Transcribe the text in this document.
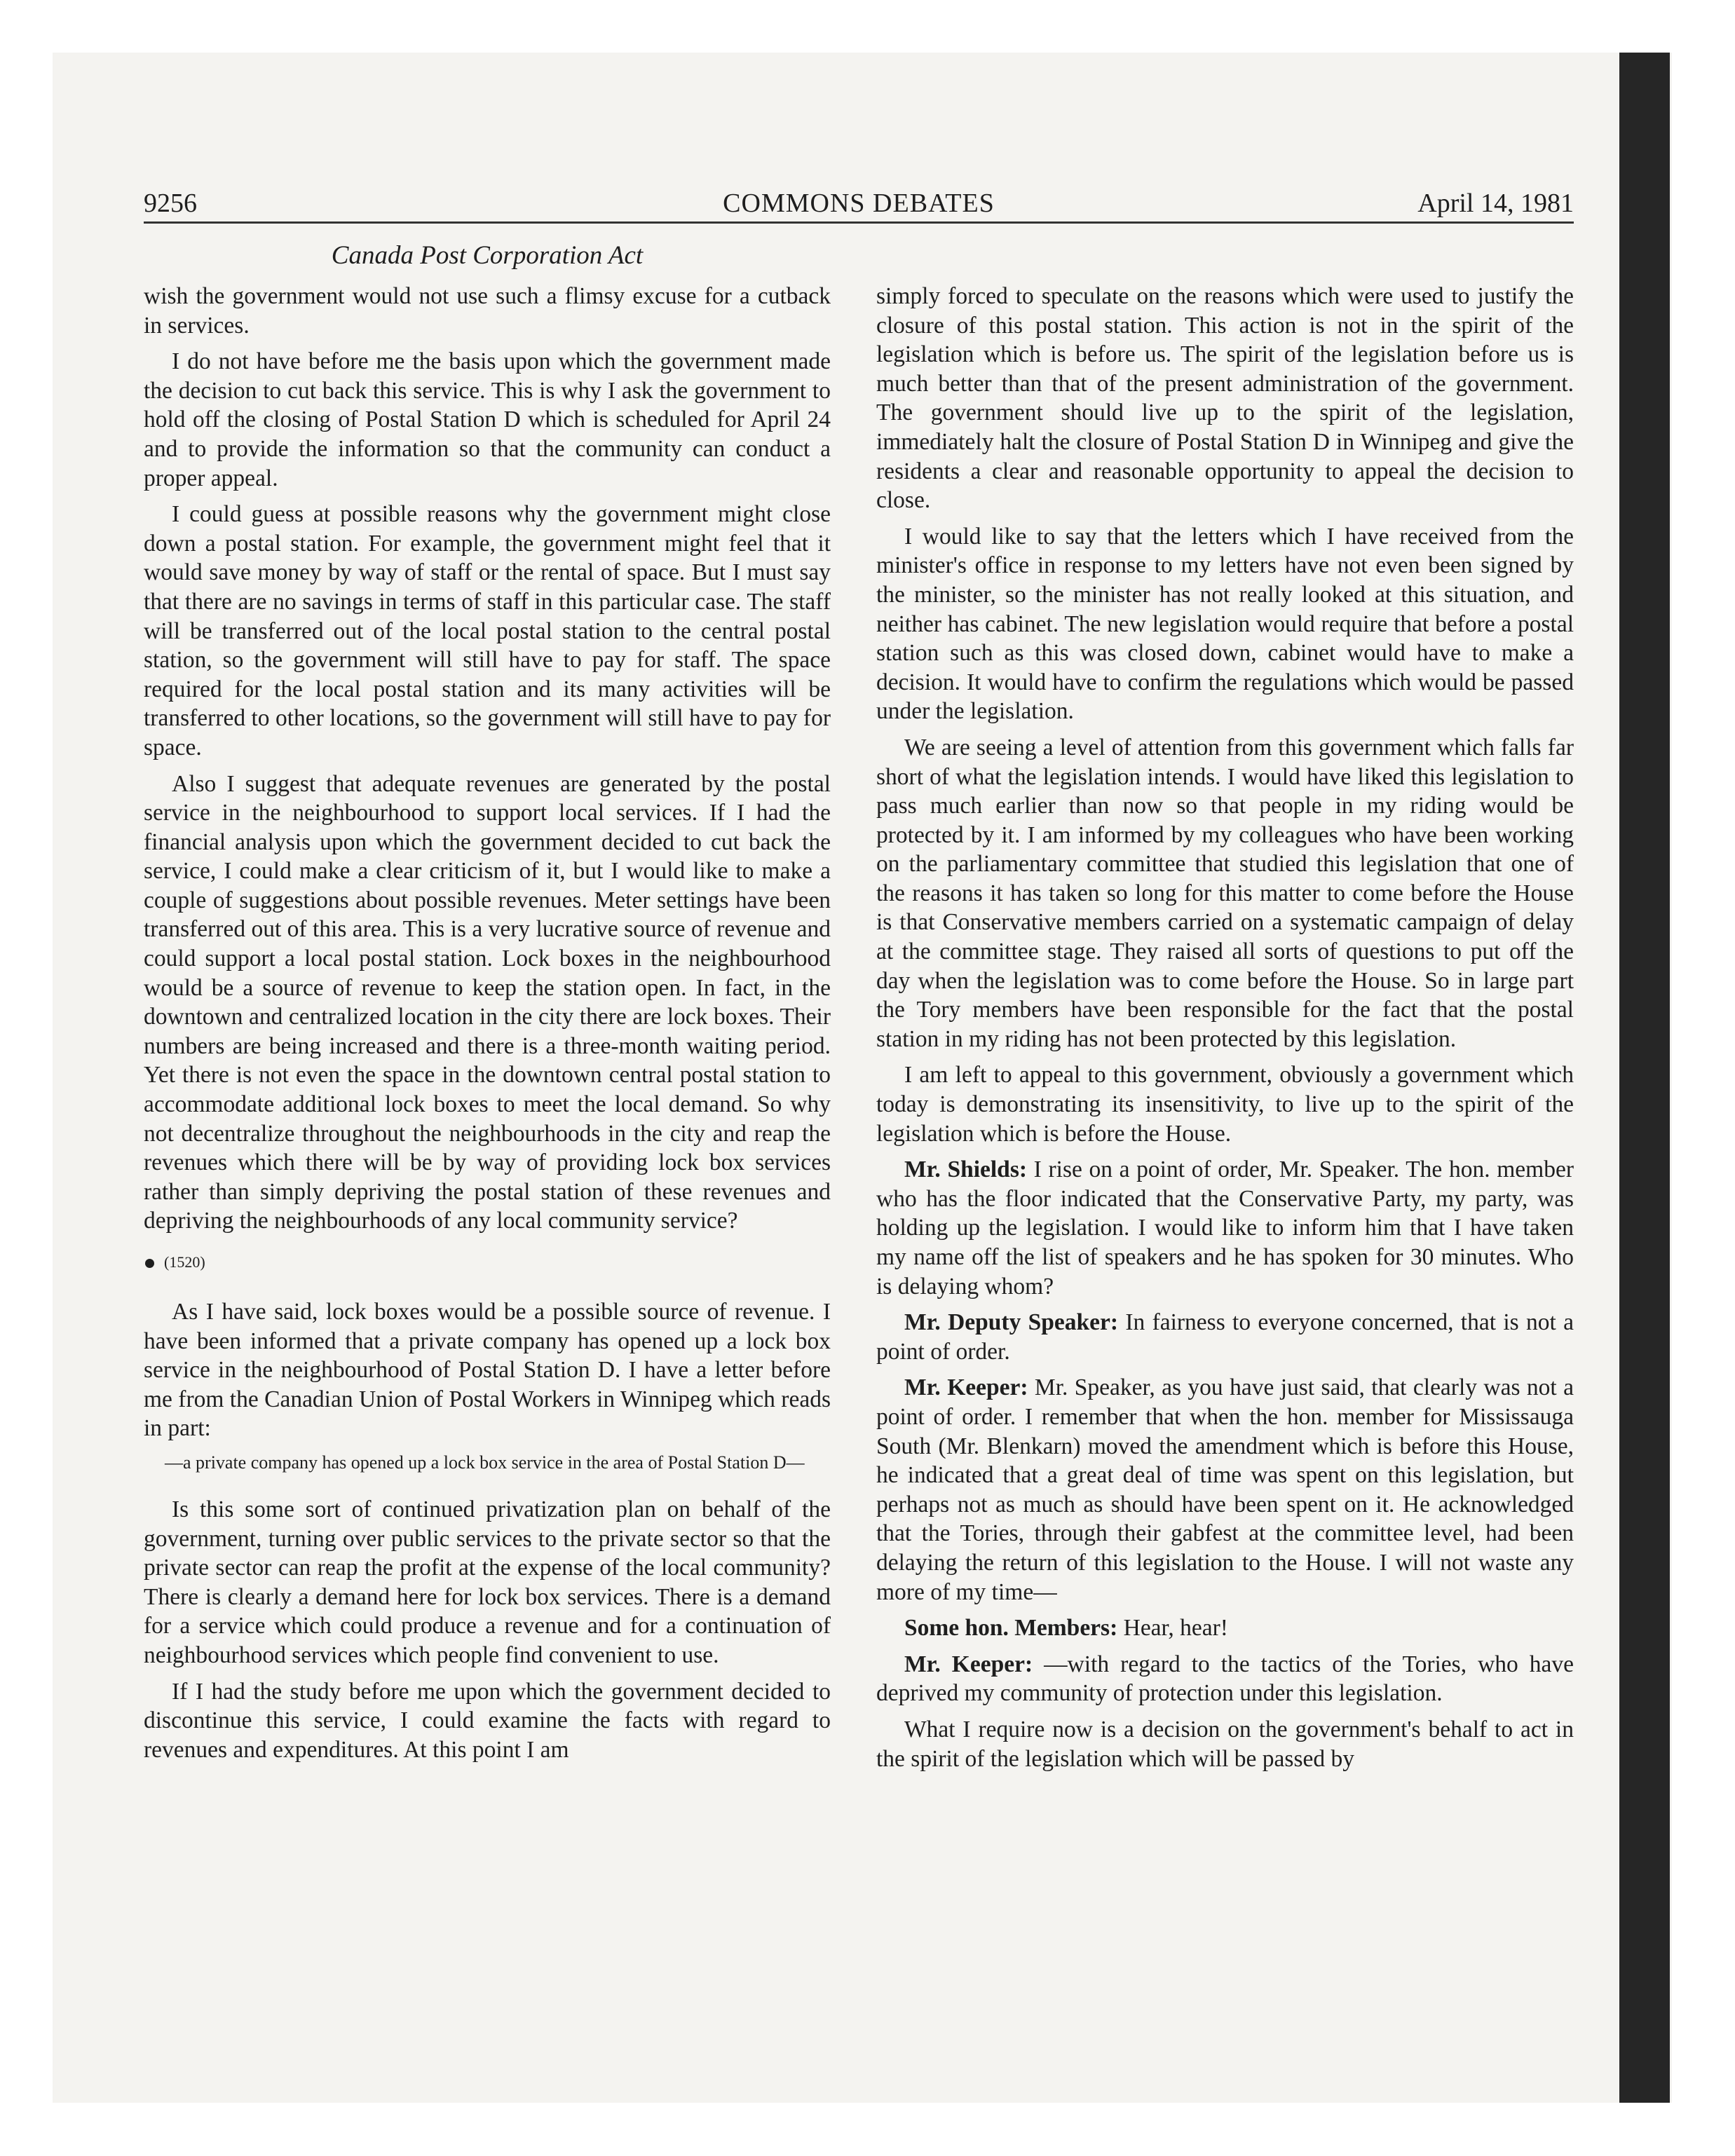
9256	COMMONS DEBATES	April 14, 1981
Canada Post Corporation Act

wish the government would not use such a flimsy excuse for a cutback in services.

I do not have before me the basis upon which the government made the decision to cut back this service. This is why I ask the government to hold off the closing of Postal Station D which is scheduled for April 24 and to provide the information so that the community can conduct a proper appeal.

I could guess at possible reasons why the government might close down a postal station. For example, the government might feel that it would save money by way of staff or the rental of space. But I must say that there are no savings in terms of staff in this particular case. The staff will be transferred out of the local postal station to the central postal station, so the government will still have to pay for staff. The space required for the local postal station and its many activities will be transferred to other locations, so the government will still have to pay for space.

Also I suggest that adequate revenues are generated by the postal service in the neighbourhood to support local services. If I had the financial analysis upon which the government decided to cut back the service, I could make a clear criticism of it, but I would like to make a couple of suggestions about possible revenues. Meter settings have been transferred out of this area. This is a very lucrative source of revenue and could support a local postal station. Lock boxes in the neighbourhood would be a source of revenue to keep the station open. In fact, in the downtown and centralized location in the city there are lock boxes. Their numbers are being increased and there is a three-month waiting period. Yet there is not even the space in the downtown central postal station to accommodate additional lock boxes to meet the local demand. So why not decentralize throughout the neighbourhoods in the city and reap the revenues which there will be by way of providing lock box services rather than simply depriving the postal station of these revenues and depriving the neighbourhoods of any local community service?

(1520)

As I have said, lock boxes would be a possible source of revenue. I have been informed that a private company has opened up a lock box service in the neighbourhood of Postal Station D. I have a letter before me from the Canadian Union of Postal Workers in Winnipeg which reads in part:

—a private company has opened up a lock box service in the area of Postal Station D—

Is this some sort of continued privatization plan on behalf of the government, turning over public services to the private sector so that the private sector can reap the profit at the expense of the local community? There is clearly a demand here for lock box services. There is a demand for a service which could produce a revenue and for a continuation of neighbourhood services which people find convenient to use.

If I had the study before me upon which the government decided to discontinue this service, I could examine the facts with regard to revenues and expenditures. At this point I am

simply forced to speculate on the reasons which were used to justify the closure of this postal station. This action is not in the spirit of the legislation which is before us. The spirit of the legislation before us is much better than that of the present administration of the government. The government should live up to the spirit of the legislation, immediately halt the closure of Postal Station D in Winnipeg and give the residents a clear and reasonable opportunity to appeal the decision to close.

I would like to say that the letters which I have received from the minister's office in response to my letters have not even been signed by the minister, so the minister has not really looked at this situation, and neither has cabinet. The new legislation would require that before a postal station such as this was closed down, cabinet would have to make a decision. It would have to confirm the regulations which would be passed under the legislation.

We are seeing a level of attention from this government which falls far short of what the legislation intends. I would have liked this legislation to pass much earlier than now so that people in my riding would be protected by it. I am informed by my colleagues who have been working on the parliamentary committee that studied this legislation that one of the reasons it has taken so long for this matter to come before the House is that Conservative members carried on a systematic campaign of delay at the committee stage. They raised all sorts of questions to put off the day when the legislation was to come before the House. So in large part the Tory members have been responsible for the fact that the postal station in my riding has not been protected by this legislation.

I am left to appeal to this government, obviously a government which today is demonstrating its insensitivity, to live up to the spirit of the legislation which is before the House.

Mr. Shields: I rise on a point of order, Mr. Speaker. The hon. member who has the floor indicated that the Conservative Party, my party, was holding up the legislation. I would like to inform him that I have taken my name off the list of speakers and he has spoken for 30 minutes. Who is delaying whom?

Mr. Deputy Speaker: In fairness to everyone concerned, that is not a point of order.

Mr. Keeper: Mr. Speaker, as you have just said, that clearly was not a point of order. I remember that when the hon. member for Mississauga South (Mr. Blenkarn) moved the amendment which is before this House, he indicated that a great deal of time was spent on this legislation, but perhaps not as much as should have been spent on it. He acknowledged that the Tories, through their gabfest at the committee level, had been delaying the return of this legislation to the House. I will not waste any more of my time—

Some hon. Members: Hear, hear!

Mr. Keeper: —with regard to the tactics of the Tories, who have deprived my community of protection under this legislation.

What I require now is a decision on the government's behalf to act in the spirit of the legislation which will be passed by
